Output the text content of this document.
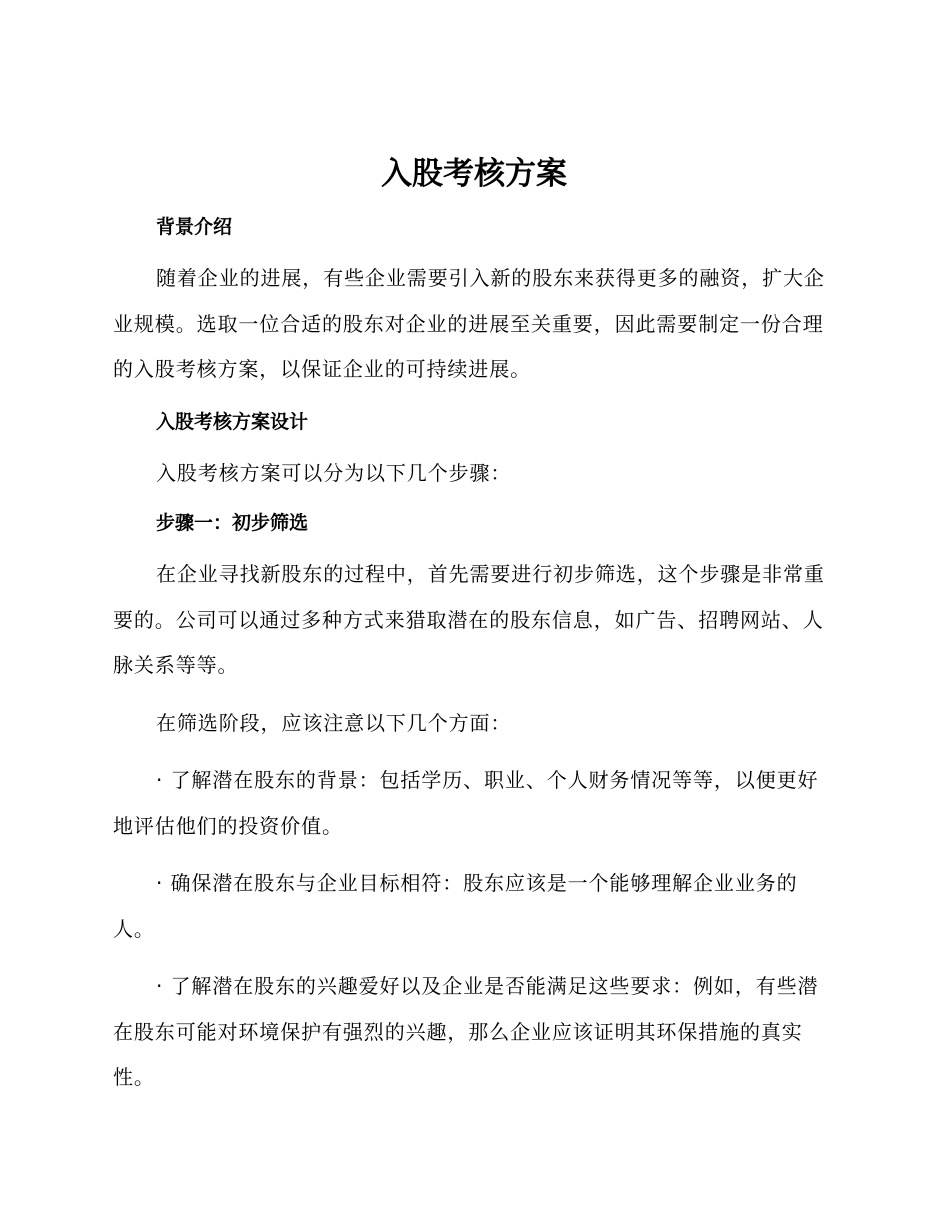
入股考核方案

背景介绍

随着企业的进展，有些企业需要引入新的股东来获得更多的融资，扩大企业规模。选取一位合适的股东对企业的进展至关重要，因此需要制定一份合理的入股考核方案，以保证企业的可持续进展。

入股考核方案设计

入股考核方案可以分为以下几个步骤：

步骤一：初步筛选

在企业寻找新股东的过程中，首先需要进行初步筛选，这个步骤是非常重要的。公司可以通过多种方式来猎取潜在的股东信息，如广告、招聘网站、人脉关系等等。

在筛选阶段，应该注意以下几个方面：

· 了解潜在股东的背景：包括学历、职业、个人财务情况等等，以便更好地评估他们的投资价值。

· 确保潜在股东与企业目标相符：股东应该是一个能够理解企业业务的人。

· 了解潜在股东的兴趣爱好以及企业是否能满足这些要求：例如，有些潜在股东可能对环境保护有强烈的兴趣，那么企业应该证明其环保措施的真实性。
